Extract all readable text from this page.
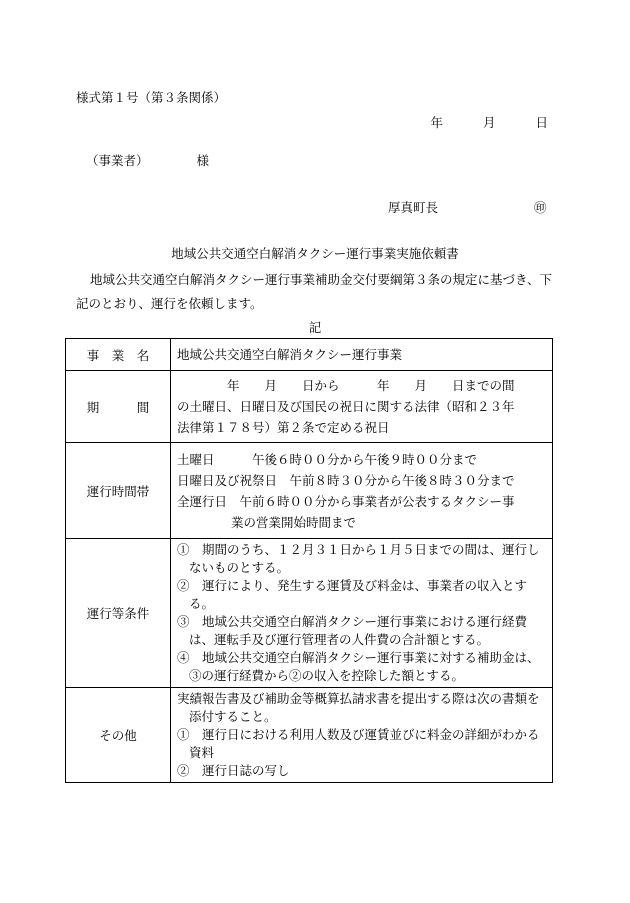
様式第１号（第３条関係）
年	月	日
（事業者）	様
厚真町長	㊞
地域公共交通空白解消タクシー運行事業実施依頼書
地域公共交通空白解消タクシー運行事業補助金交付要綱第３条の規定に基づき、下記のとおり、運行を依頼します。
記
事　業　名	地域公共交通空白解消タクシー運行事業

期　　　間	　　　　年　　月　　日から　　　年　　月　　日までの間
の土曜日、日曜日及び国民の祝日に関する法律（昭和２３年
法律第１７８号）第２条で定める祝日

運行時間帯	土曜日　　　午後６時００分から午後９時００分まで
日曜日及び祝祭日　午前８時３０分から午後８時３０分まで
全運行日　午前６時００分から事業者が公表するタクシー事
業の営業開始時間まで

運行等条件	①　期間のうち、１２月３１日から１月５日までの間は、運行しないものとする。
②　運行により、発生する運賃及び料金は、事業者の収入とする。
③　地域公共交通空白解消タクシー運行事業における運行経費は、運転手及び運行管理者の人件費の合計額とする。
④　地域公共交通空白解消タクシー運行事業に対する補助金は、③の運行経費から②の収入を控除した額とする。

その他	実績報告書及び補助金等概算払請求書を提出する際は次の書類を添付すること。
①　運行日における利用人数及び運賃並びに料金の詳細がわかる資料
②　運行日誌の写し
